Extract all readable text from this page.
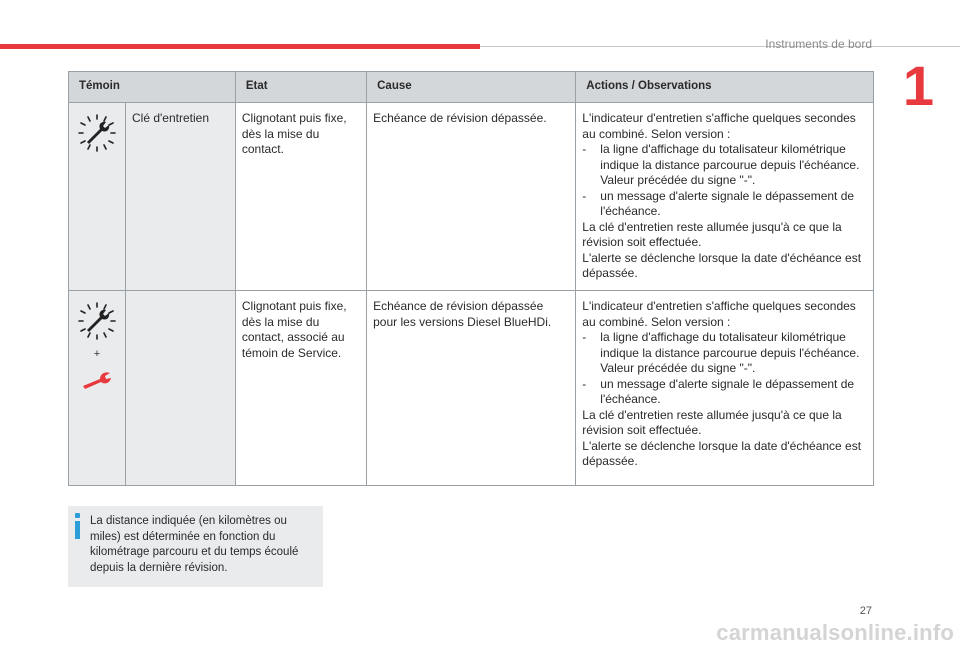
Instruments de bord
1
Témoin		Etat	Cause	Actions / Observations

	Clé d'entretien	Clignotant puis fixe, dès la mise du contact.	Echéance de révision dépassée.	L'indicateur d'entretien s'affiche quelques secondes au combiné. Selon version :
- la ligne d'affichage du totalisateur kilométrique indique la distance parcourue depuis l'échéance. Valeur précédée du signe "-".
- un message d'alerte signale le dépassement de l'échéance.
La clé d'entretien reste allumée jusqu'à ce que la révision soit effectuée.
L'alerte se déclenche lorsque la date d'échéance est dépassée.

+		Clignotant puis fixe, dès la mise du contact, associé au témoin de Service.	Echéance de révision dépassée pour les versions Diesel BlueHDi.	L'indicateur d'entretien s'affiche quelques secondes au combiné. Selon version :
- la ligne d'affichage du totalisateur kilométrique indique la distance parcourue depuis l'échéance. Valeur précédée du signe "-".
- un message d'alerte signale le dépassement de l'échéance.
La clé d'entretien reste allumée jusqu'à ce que la révision soit effectuée.
L'alerte se déclenche lorsque la date d'échéance est dépassée.
La distance indiquée (en kilomètres ou miles) est déterminée en fonction du kilométrage parcouru et du temps écoulé depuis la dernière révision.
27
carmanualsonline.info
